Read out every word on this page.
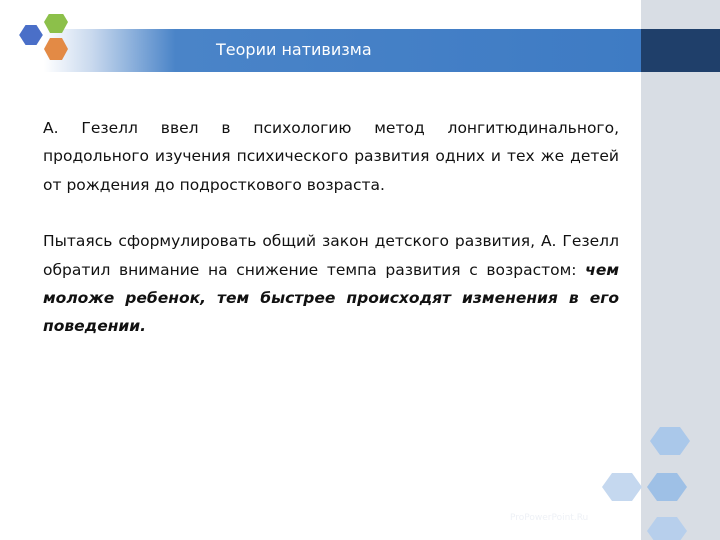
Теории нативизма

А. Гезелл ввел в психологию метод лонгитюдинального, продольного изучения психического развития одних и тех же детей от рождения до подросткового возраста.

Пытаясь сформулировать общий закон детского развития, А. Гезелл обратил внимание на снижение темпа развития с возрастом: чем моложе ребенок, тем быстрее происходят изменения в его поведении.

ProPowerPoint.Ru
